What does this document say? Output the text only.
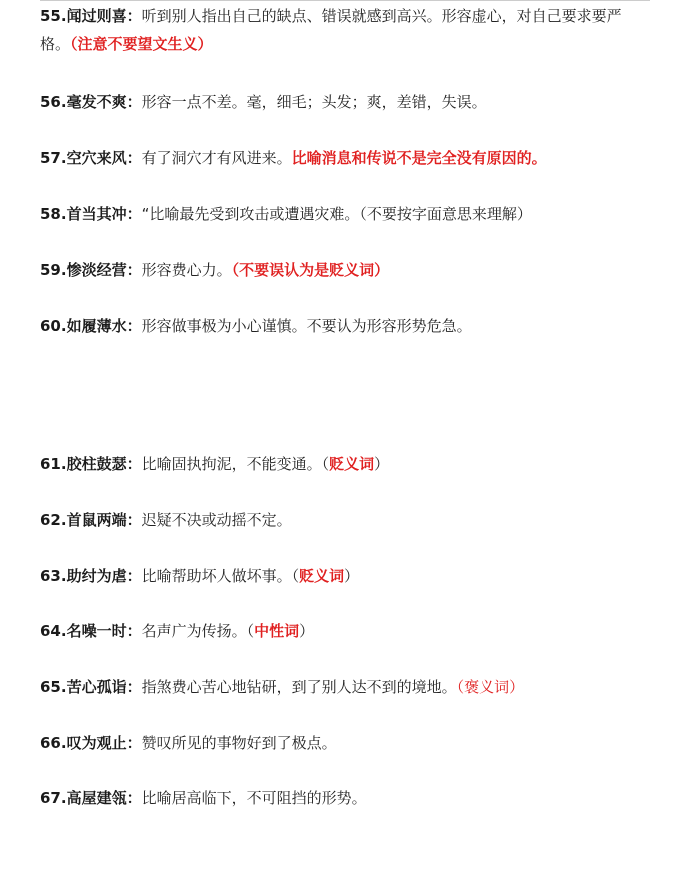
55.闻过则喜：听到别人指出自己的缺点、错误就感到高兴。形容虚心，对自己要求要严格。（注意不要望文生义）
56.毫发不爽：形容一点不差。毫，细毛；头发；爽，差错，失误。
57.空穴来风：有了洞穴才有风进来。比喻消息和传说不是完全没有原因的。
58.首当其冲：“比喻最先受到攻击或遭遇灾难。（不要按字面意思来理解）
59.惨淡经营：形容费心力。（不要误认为是贬义词）
60.如履薄水：形容做事极为小心谨慎。不要认为形容形势危急。
61.胶柱鼓瑟：比喻固执拘泥，不能变通。（贬义词）
62.首鼠两端：迟疑不决或动摇不定。
63.助纣为虐：比喻帮助坏人做坏事。（贬义词）
64.名噪一时：名声广为传扬。（中性词）
65.苦心孤诣：指煞费心苦心地钻研，到了别人达不到的境地。（褒义词）
66.叹为观止：赞叹所见的事物好到了极点。
67.高屋建瓴：比喻居高临下，不可阻挡的形势。
